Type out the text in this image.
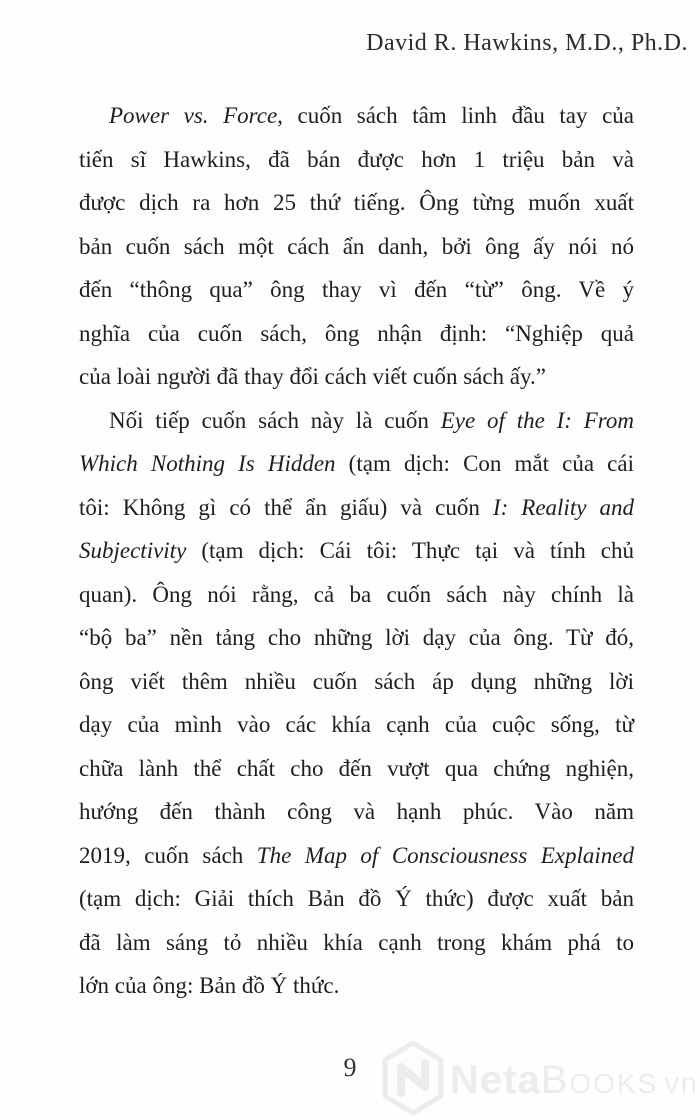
David R. Hawkins, M.D., Ph.D.
Power vs. Force, cuốn sách tâm linh đầu tay của
tiến sĩ Hawkins, đã bán được hơn 1 triệu bản và
được dịch ra hơn 25 thứ tiếng. Ông từng muốn xuất
bản cuốn sách một cách ẩn danh, bởi ông ấy nói nó
đến “thông qua” ông thay vì đến “từ” ông. Về ý
nghĩa của cuốn sách, ông nhận định: “Nghiệp quả
của loài người đã thay đổi cách viết cuốn sách ấy.”
Nối tiếp cuốn sách này là cuốn Eye of the I: From
Which Nothing Is Hidden (tạm dịch: Con mắt của cái
tôi: Không gì có thể ẩn giấu) và cuốn I: Reality and
Subjectivity (tạm dịch: Cái tôi: Thực tại và tính chủ
quan). Ông nói rằng, cả ba cuốn sách này chính là
“bộ ba” nền tảng cho những lời dạy của ông. Từ đó,
ông viết thêm nhiều cuốn sách áp dụng những lời
dạy của mình vào các khía cạnh của cuộc sống, từ
chữa lành thể chất cho đến vượt qua chứng nghiện,
hướng đến thành công và hạnh phúc. Vào năm
2019, cuốn sách The Map of Consciousness Explained
(tạm dịch: Giải thích Bản đồ Ý thức) được xuất bản
đã làm sáng tỏ nhiều khía cạnh trong khám phá to
lớn của ông: Bản đồ Ý thức.
9	NetaBooks vn
